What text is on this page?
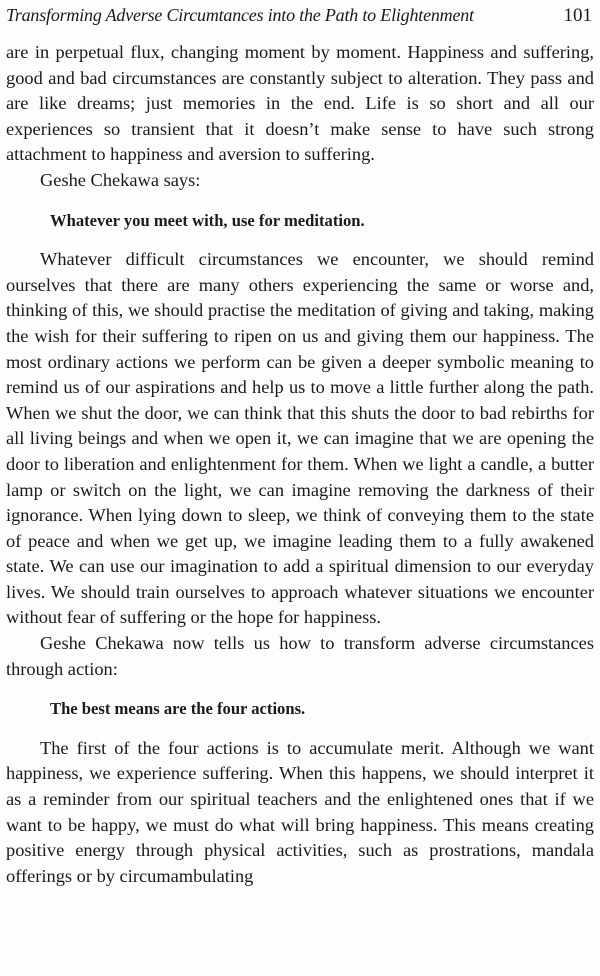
Transforming Adverse Circumtances into the Path to Elightenment	101

are in perpetual flux, changing moment by moment. Happiness and suffering, good and bad circumstances are constantly subject to alteration. They pass and are like dreams; just memories in the end. Life is so short and all our experiences so transient that it doesn’t make sense to have such strong attachment to happiness and aversion to suffering.

Geshe Chekawa says:

Whatever you meet with, use for meditation.

Whatever difficult circumstances we encounter, we should remind ourselves that there are many others experiencing the same or worse and, thinking of this, we should practise the meditation of giving and taking, making the wish for their suffering to ripen on us and giving them our happiness. The most ordinary actions we perform can be given a deeper symbolic meaning to remind us of our aspirations and help us to move a little further along the path. When we shut the door, we can think that this shuts the door to bad rebirths for all living beings and when we open it, we can imagine that we are opening the door to liberation and enlightenment for them. When we light a candle, a butter lamp or switch on the light, we can imagine removing the darkness of their ignorance. When lying down to sleep, we think of conveying them to the state of peace and when we get up, we imagine leading them to a fully awakened state. We can use our imagination to add a spiritual dimension to our everyday lives. We should train ourselves to approach whatever situations we encounter without fear of suffering or the hope for happiness.

Geshe Chekawa now tells us how to transform adverse circumstances through action:

The best means are the four actions.

The first of the four actions is to accumulate merit. Although we want happiness, we experience suffering. When this happens, we should interpret it as a reminder from our spiritual teachers and the enlightened ones that if we want to be happy, we must do what will bring happiness. This means creating positive energy through physical activities, such as prostrations, mandala offerings or by circumambulating
